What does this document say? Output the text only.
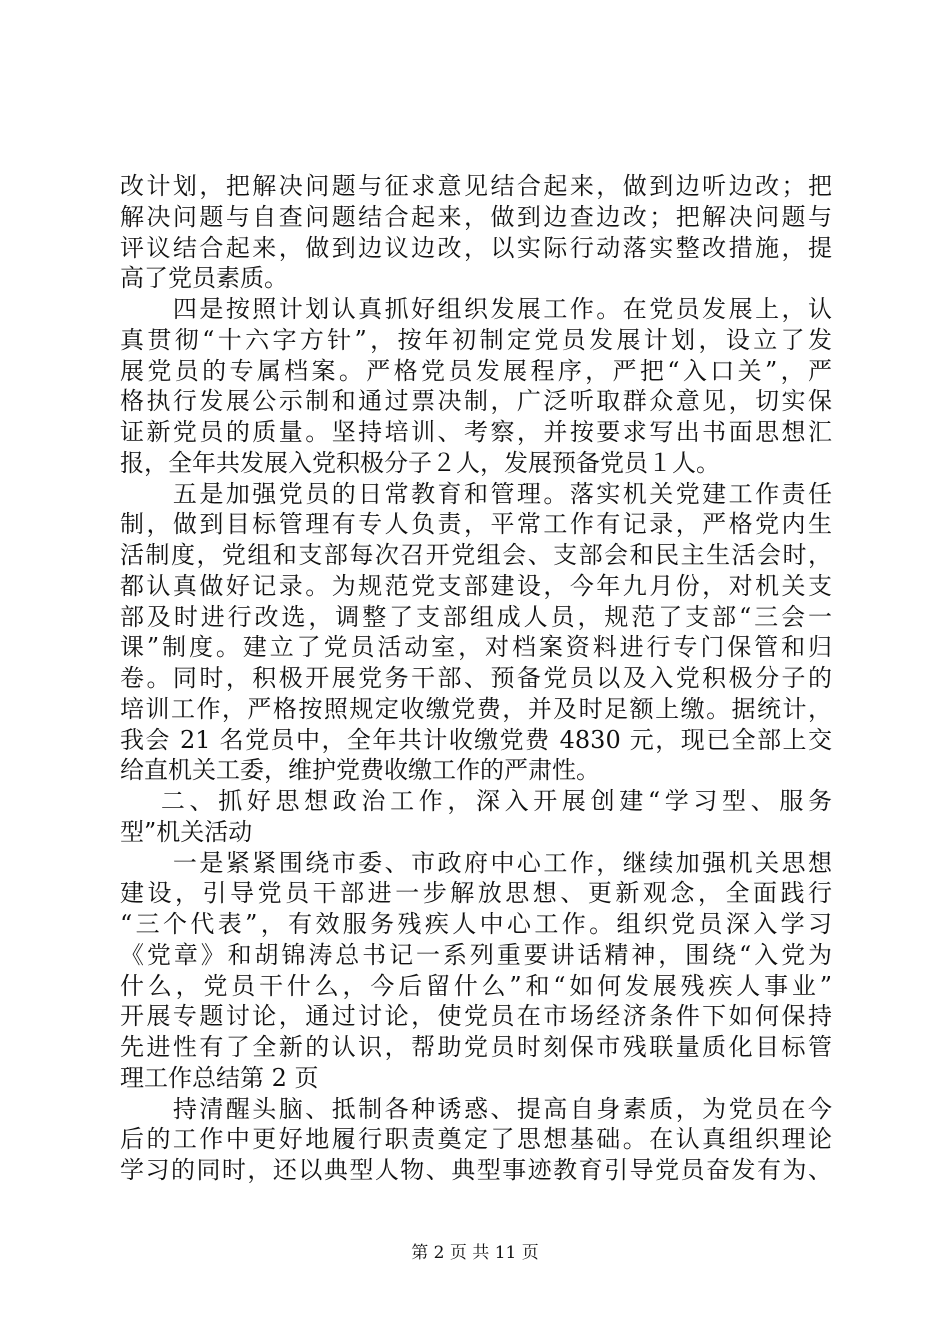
改计划，把解决问题与征求意见结合起来，做到边听边改；把
解决问题与自查问题结合起来，做到边查边改；把解决问题与
评议结合起来，做到边议边改，以实际行动落实整改措施，提
高了党员素质。
　　四是按照计划认真抓好组织发展工作。在党员发展上，认
真贯彻“十六字方针”，按年初制定党员发展计划，设立了发
展党员的专属档案。严格党员发展程序，严把“入口关”，严
格执行发展公示制和通过票决制，广泛听取群众意见，切实保
证新党员的质量。坚持培训、考察，并按要求写出书面思想汇
报，全年共发展入党积极分子２人，发展预备党员１人。
　　五是加强党员的日常教育和管理。落实机关党建工作责任
制，做到目标管理有专人负责，平常工作有记录，严格党内生
活制度，党组和支部每次召开党组会、支部会和民主生活会时，
都认真做好记录。为规范党支部建设，今年九月份，对机关支
部及时进行改选，调整了支部组成人员，规范了支部“三会一
课”制度。建立了党员活动室，对档案资料进行专门保管和归
卷。同时，积极开展党务干部、预备党员以及入党积极分子的
培训工作，严格按照规定收缴党费，并及时足额上缴。据统计，
我会 21 名党员中，全年共计收缴党费 4830 元，现已全部上交
给直机关工委，维护党费收缴工作的严肃性。
　 二、抓好思想政治工作，深入开展创建“学习型、服务
型”机关活动
　　一是紧紧围绕市委、市政府中心工作，继续加强机关思想
建设，引导党员干部进一步解放思想、更新观念，全面践行
“三个代表”，有效服务残疾人中心工作。组织党员深入学习
《党章》和胡锦涛总书记一系列重要讲话精神，围绕“入党为
什么，党员干什么，今后留什么”和“如何发展残疾人事业”
开展专题讨论，通过讨论，使党员在市场经济条件下如何保持
先进性有了全新的认识，帮助党员时刻保市残联量质化目标管
理工作总结第 2 页
　　持清醒头脑、抵制各种诱惑、提高自身素质，为党员在今
后的工作中更好地履行职责奠定了思想基础。在认真组织理论
学习的同时，还以典型人物、典型事迹教育引导党员奋发有为、
第 2 页 共 11 页
